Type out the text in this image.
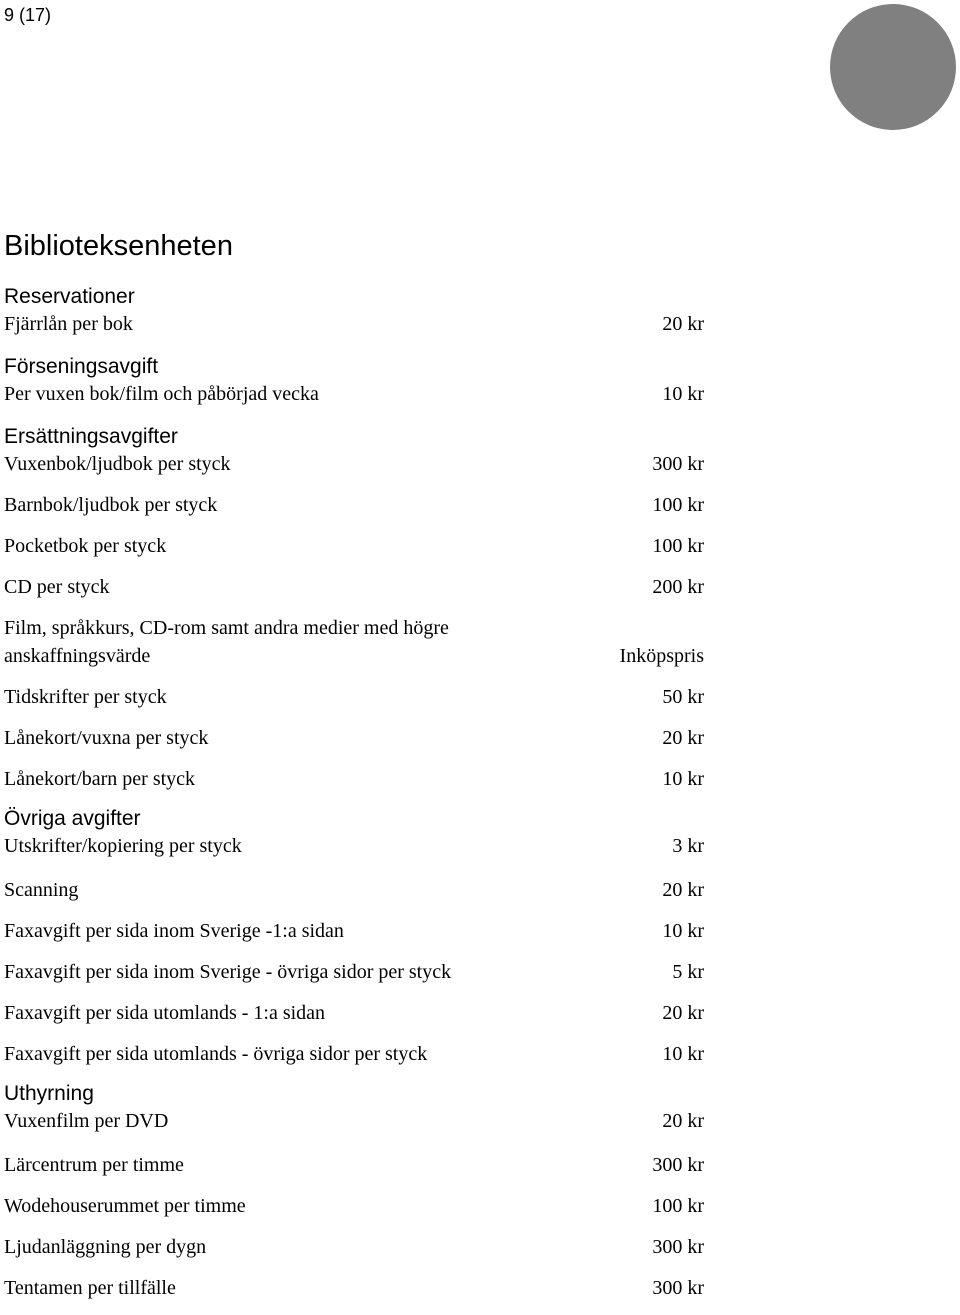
9 (17)
Biblioteksenheten
Reservationer
Fjärrlån per bok	20 kr
Förseningsavgift
Per vuxen bok/film och påbörjad vecka	10 kr
Ersättningsavgifter
Vuxenbok/ljudbok per styck	300 kr
Barnbok/ljudbok per styck	100 kr
Pocketbok per styck	100 kr
CD per styck	200 kr
Film, språkkurs, CD-rom samt andra medier med högre anskaffningsvärde	Inköpspris
Tidskrifter per styck	50 kr
Lånekort/vuxna per styck	20 kr
Lånekort/barn per styck	10 kr
Övriga avgifter
Utskrifter/kopiering per styck	3 kr
Scanning	20 kr
Faxavgift per sida inom Sverige -1:a sidan	10 kr
Faxavgift per sida inom Sverige - övriga sidor per styck	5 kr
Faxavgift per sida utomlands - 1:a sidan	20 kr
Faxavgift per sida utomlands - övriga sidor per styck	10 kr
Uthyrning
Vuxenfilm per DVD	20 kr
Lärcentrum per timme	300 kr
Wodehouserummet per timme	100 kr
Ljudanläggning per dygn	300 kr
Tentamen per tillfälle	300 kr
